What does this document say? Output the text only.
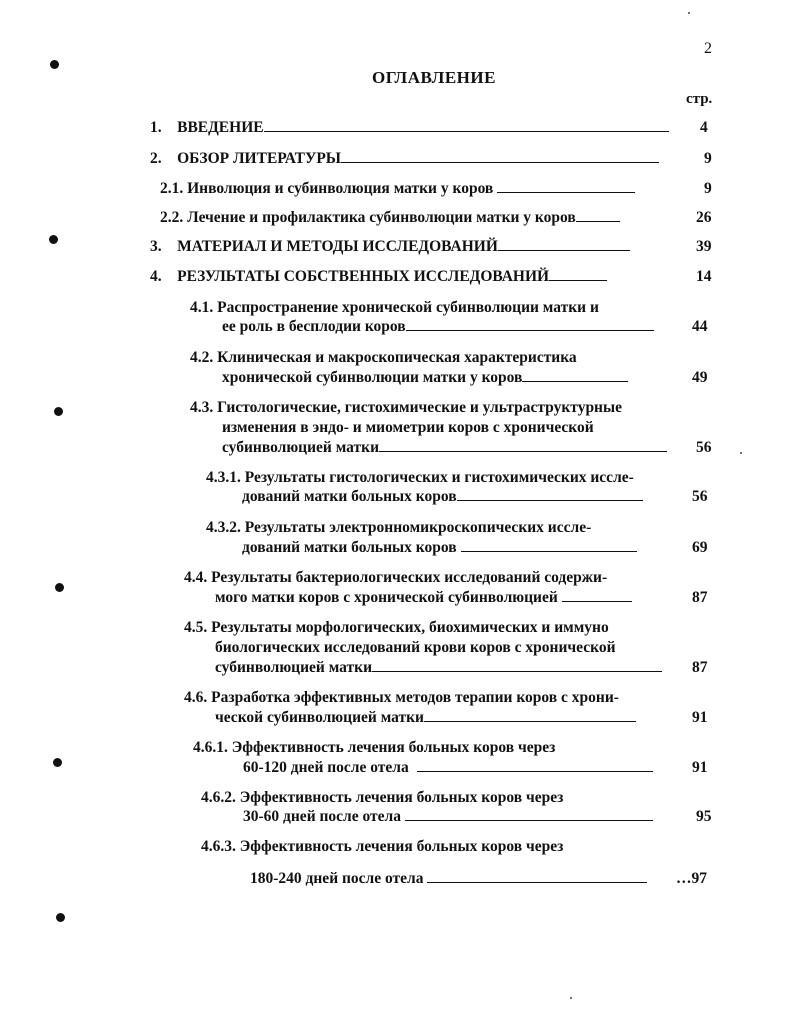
2
ОГЛАВЛЕНИЕ
стр.
1. ВВЕДЕНИЕ	4
2. ОБЗОР ЛИТЕРАТУРЫ	9
2.1. Инволюция и субинволюция матки у коров	9
2.2. Лечение и профилактика субинволюции матки у коров	26
3. МАТЕРИАЛ И МЕТОДЫ ИССЛЕДОВАНИЙ	39
4. РЕЗУЛЬТАТЫ СОБСТВЕННЫХ ИССЛЕДОВАНИЙ	14
4.1. Распространение хронической субинволюции матки и
ее роль в бесплодии коров	44
4.2. Клиническая и макроскопическая характеристика
хронической субинволюции матки у коров	49
4.3. Гистологические, гистохимические и ультраструктурные
изменения в эндо- и миометрии коров с хронической
субинволюцией матки	56
4.3.1. Результаты гистологических и гистохимических иссле-
дований матки больных коров	56
4.3.2. Результаты электронномикроскопических иссле-
дований матки больных коров	69
4.4. Результаты бактериологических исследований содержи-
мого матки коров с хронической субинволюцией	87
4.5. Результаты морфологических, биохимических и иммуно
биологических исследований крови коров с хронической
субинволюцией матки	87
4.6. Разработка эффективных методов терапии коров с хрони-
ческой субинволюцией матки	91
4.6.1. Эффективность лечения больных коров через
60-120 дней после отела	91
4.6.2. Эффективность лечения больных коров через
30-60 дней после отела	95
4.6.3. Эффективность лечения больных коров через
180-240 дней после отела	…97
